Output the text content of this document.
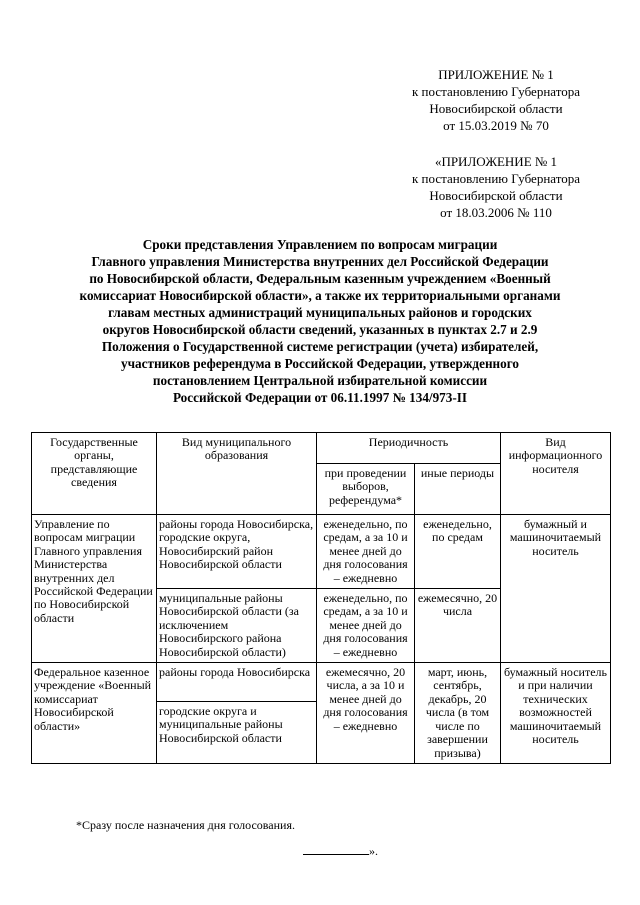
ПРИЛОЖЕНИЕ № 1
к постановлению Губернатора
Новосибирской области
от 15.03.2019 № 70
«ПРИЛОЖЕНИЕ № 1
к постановлению Губернатора
Новосибирской области
от 18.03.2006 № 110
Сроки представления Управлением по вопросам миграции
Главного управления Министерства внутренних дел Российской Федерации
по Новосибирской области, Федеральным казенным учреждением «Военный
комиссариат Новосибирской области», а также их территориальными органами
главам местных администраций муниципальных районов и городских
округов Новосибирской области сведений, указанных в пунктах 2.7 и 2.9
Положения о Государственной системе регистрации (учета) избирателей,
участников референдума в Российской Федерации, утвержденного
постановлением Центральной избирательной комиссии
Российской Федерации от 06.11.1997 № 134/973-II
Государственные органы, представляющие сведения	Вид муниципального образования	Периодичность		Вид информационного носителя
		при проведении выборов, референдума*	иные периоды	
Управление по вопросам миграции Главного управления Министерства внутренних дел Российской Федерации по Новосибирской области	районы города Новосибирска, городские округа, Новосибирский район Новосибирской области	еженедельно, по средам, а за 10 и менее дней до дня голосования – ежедневно	еженедельно, по средам	бумажный и машиночитаемый носитель
	муниципальные районы Новосибирской области (за исключением Новосибирского района Новосибирской области)	еженедельно, по средам, а за 10 и менее дней до дня голосования – ежедневно	ежемесячно, 20 числа	
Федеральное казенное учреждение «Военный комиссариат Новосибирской области»	районы города Новосибирска	ежемесячно, 20 числа, а за 10 и менее дней до дня голосования – ежедневно	март, июнь, сентябрь, декабрь, 20 числа (в том числе по завершении призыва)	бумажный носитель и при наличии технических возможностей машиночитаемый носитель
	городские округа и муниципальные районы Новосибирской области			
*Сразу после назначения дня голосования.
».
